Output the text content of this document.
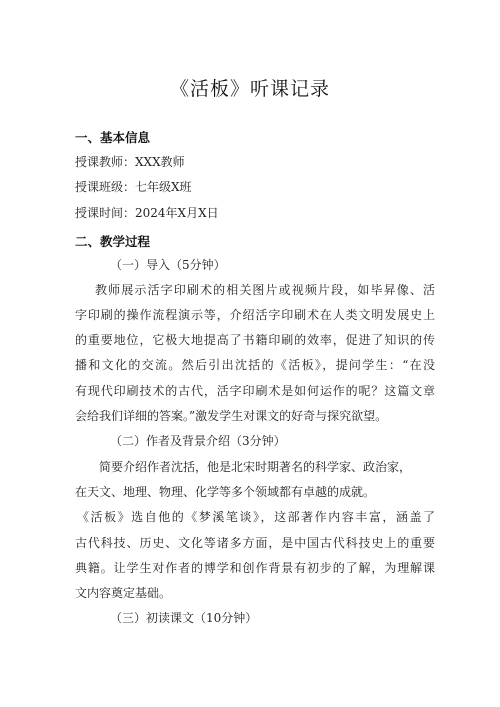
《活板》听课记录
一、基本信息
授课教师：XXX教师
授课班级：七年级X班
授课时间：2024年X月X日
二、教学过程
（一）导入（5分钟）
教师展示活字印刷术的相关图片或视频片段，如毕昇像、活
字印刷的操作流程演示等，介绍活字印刷术在人类文明发展史上
的重要地位，它极大地提高了书籍印刷的效率，促进了知识的传
播和文化的交流。然后引出沈括的《活板》，提问学生：“在没
有现代印刷技术的古代，活字印刷术是如何运作的呢？这篇文章
会给我们详细的答案。”激发学生对课文的好奇与探究欲望。
（二）作者及背景介绍（3分钟）
简要介绍作者沈括，他是北宋时期著名的科学家、政治家，
在天文、地理、物理、化学等多个领域都有卓越的成就。
《活板》选自他的《梦溪笔谈》，这部著作内容丰富，涵盖了
古代科技、历史、文化等诸多方面，是中国古代科技史上的重要
典籍。让学生对作者的博学和创作背景有初步的了解，为理解课
文内容奠定基础。
（三）初读课文（10分钟）
